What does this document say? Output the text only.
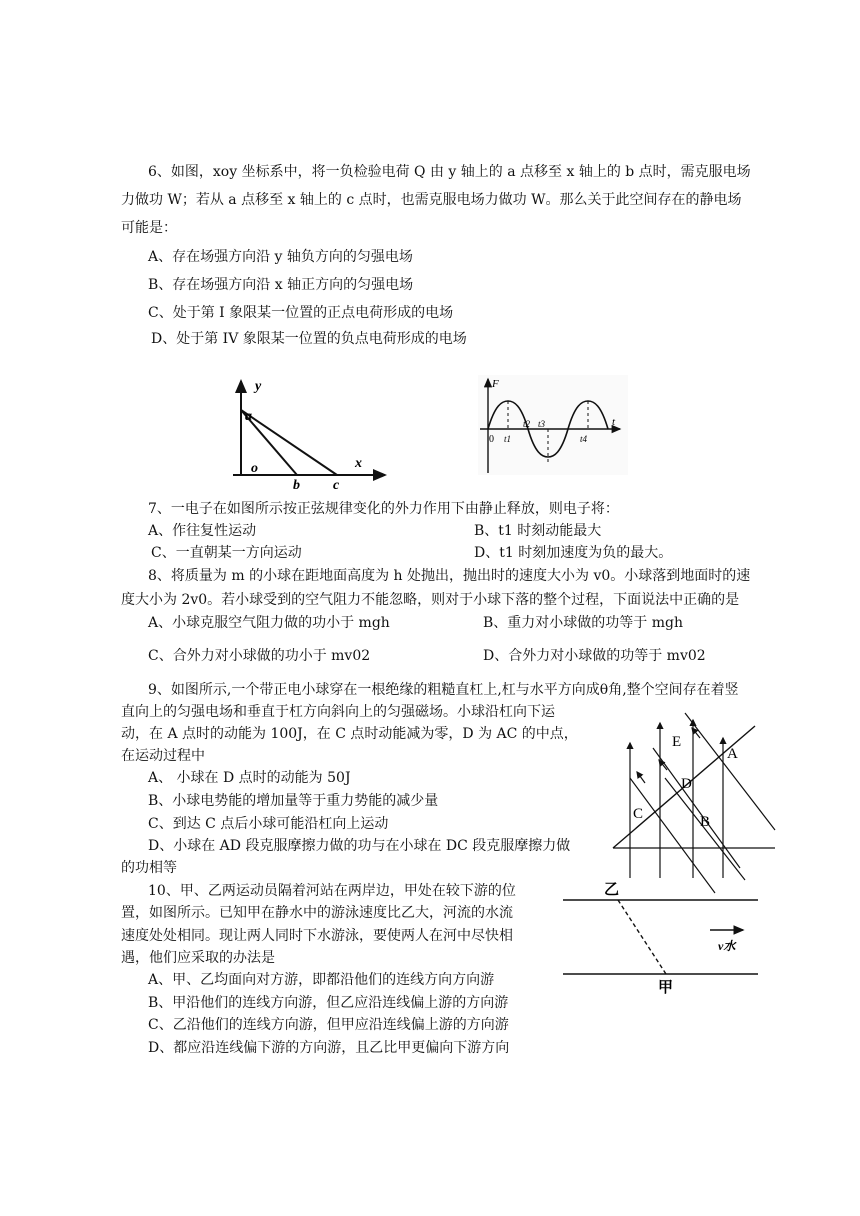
6、如图，xoy 坐标系中，将一负检验电荷 Q 由 y 轴上的 a 点移至 x 轴上的 b 点时，需克服电场
力做功 W；若从 a 点移至 x 轴上的 c 点时，也需克服电场力做功 W。那么关于此空间存在的静电场
可能是：
A、存在场强方向沿 y 轴负方向的匀强电场
B、存在场强方向沿 x 轴正方向的匀强电场
C、处于第 I 象限某一位置的正点电荷形成的电场
D、处于第 IV 象限某一位置的负点电荷形成的电场
y
a
o
b c
x
F
t
0 t1
t2 t3
t4
7、一电子在如图所示按正弦规律变化的外力作用下由静止释放，则电子将：
A、作往复性运动	B、t1 时刻动能最大
C、一直朝某一方向运动	D、t1 时刻加速度为负的最大。
8、将质量为 m 的小球在距地面高度为 h 处抛出，抛出时的速度大小为 v0。小球落到地面时的速
度大小为 2v0。若小球受到的空气阻力不能忽略，则对于小球下落的整个过程，下面说法中正确的是
A、小球克服空气阻力做的功小于 mgh	B、重力对小球做的功等于 mgh
C、合外力对小球做的功小于 mv02	D、合外力对小球做的功等于 mv02
9、如图所示,一个带正电小球穿在一根绝缘的粗糙直杠上,杠与水平方向成θ角,整个空间存在着竖
直向上的匀强电场和垂直于杠方向斜向上的匀强磁场。小球沿杠向下运
动，在 A 点时的动能为 100J，在 C 点时动能减为零，D 为 AC 的中点，
在运动过程中
A、 小球在 D 点时的动能为 50J
B、小球电势能的增加量等于重力势能的减少量
C、到达 C 点后小球可能沿杠向上运动
D、小球在 AD 段克服摩擦力做的功与在小球在 DC 段克服摩擦力做
的功相等
A
B
C
D
E
10、甲、乙两运动员隔着河站在两岸边，甲处在较下游的位
置，如图所示。已知甲在静水中的游泳速度比乙大，河流的水流
速度处处相同。现让两人同时下水游泳，要使两人在河中尽快相
遇，他们应采取的办法是
A、甲、乙均面向对方游，即都沿他们的连线方向方向游
B、甲沿他们的连线方向游，但乙应沿连线偏上游的方向游
C、乙沿他们的连线方向游，但甲应沿连线偏上游的方向游
D、都应沿连线偏下游的方向游，且乙比甲更偏向下游方向
乙
v水
甲
